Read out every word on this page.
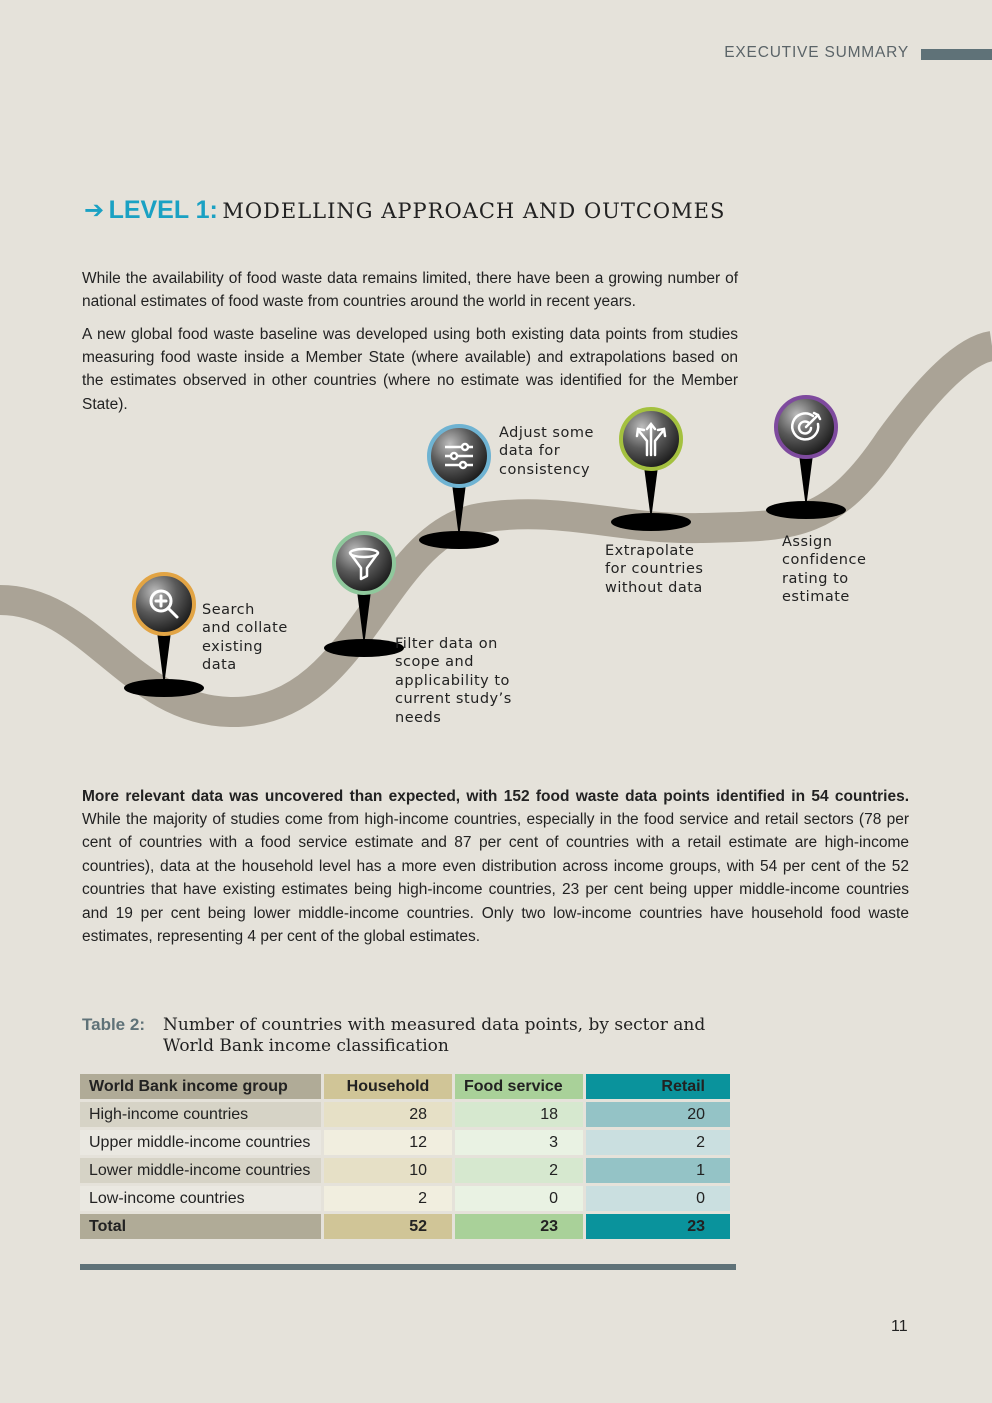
EXECUTIVE SUMMARY
➔ LEVEL 1: MODELLING APPROACH AND OUTCOMES

While the availability of food waste data remains limited, there have been a growing number of national estimates of food waste from countries around the world in recent years.

A new global food waste baseline was developed using both existing data points from studies measuring food waste inside a Member State (where available) and extrapolations based on the estimates observed in other countries (where no estimate was identified for the Member State).

Search
and collate
existing
data
Filter data on
scope and
applicability to
current study’s
needs
Adjust some
data for
consistency
Extrapolate
for countries
without data
Assign
confidence
rating to
estimate

More relevant data was uncovered than expected, with 152 food waste data points identified in 54 countries. While the majority of studies come from high-income countries, especially in the food service and retail sectors (78 per cent of countries with a food service estimate and 87 per cent of countries with a retail estimate are high-income countries), data at the household level has a more even distribution across income groups, with 54 per cent of the 52 countries that have existing estimates being high-income countries, 23 per cent being upper middle-income countries and 19 per cent being lower middle-income countries. Only two low-income countries have household food waste estimates, representing 4 per cent of the global estimates.

Table 2: Number of countries with measured data points, by sector and World Bank income classification
World Bank income group	Household	Food service	Retail
High-income countries	28	18	20
Upper middle-income countries	12	3	2
Lower middle-income countries	10	2	1
Low-income countries	2	0	0
Total	52	23	23
11
